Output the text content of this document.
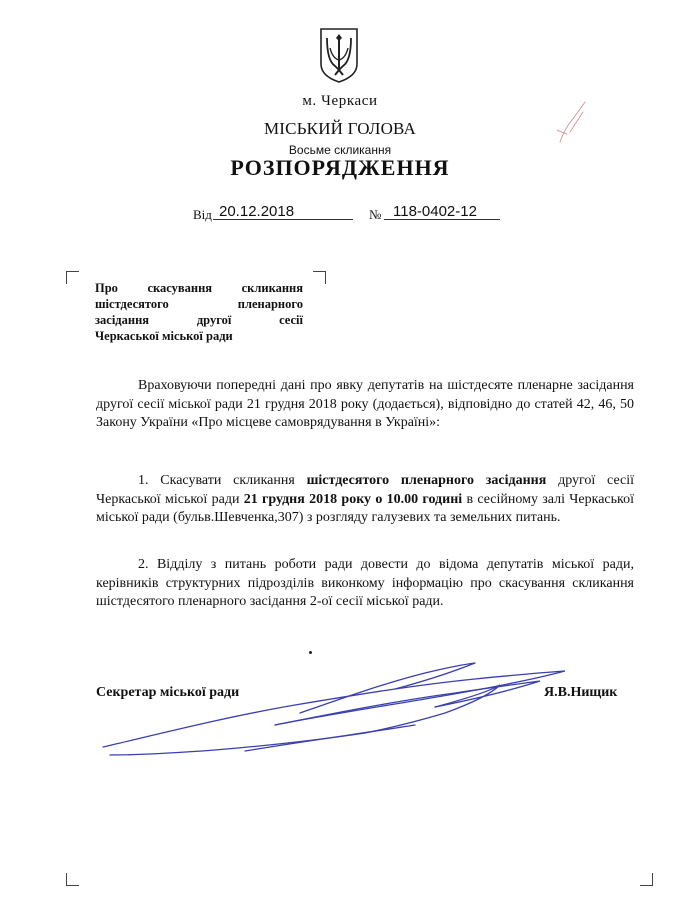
м. Черкаси
МІСЬКИЙ ГОЛОВА
Восьме скликання
РОЗПОРЯДЖЕННЯ
Від 20.12.2018	№ 118-0402-12
Про скасування скликання
шістдесятого пленарного
засідання другої сесії
Черкаської міської ради

Враховуючи попередні дані про явку депутатів на шістдесяте пленарне засідання другої сесії міської ради 21 грудня 2018 року (додається), відповідно до статей 42, 46, 50 Закону України «Про місцеве самоврядування в Україні»:

1. Скасувати скликання шістдесятого пленарного засідання другої сесії Черкаської міської ради 21 грудня 2018 року о 10.00 годині в сесійному залі Черкаської міської ради (бульв.Шевченка,307) з розгляду галузевих та земельних питань.

2. Відділу з питань роботи ради довести до відома депутатів міської ради, керівників структурних підрозділів виконкому інформацію про скасування скликання шістдесятого пленарного засідання 2-ої сесії міської ради.

Секретар міської ради	Я.В.Нищик
